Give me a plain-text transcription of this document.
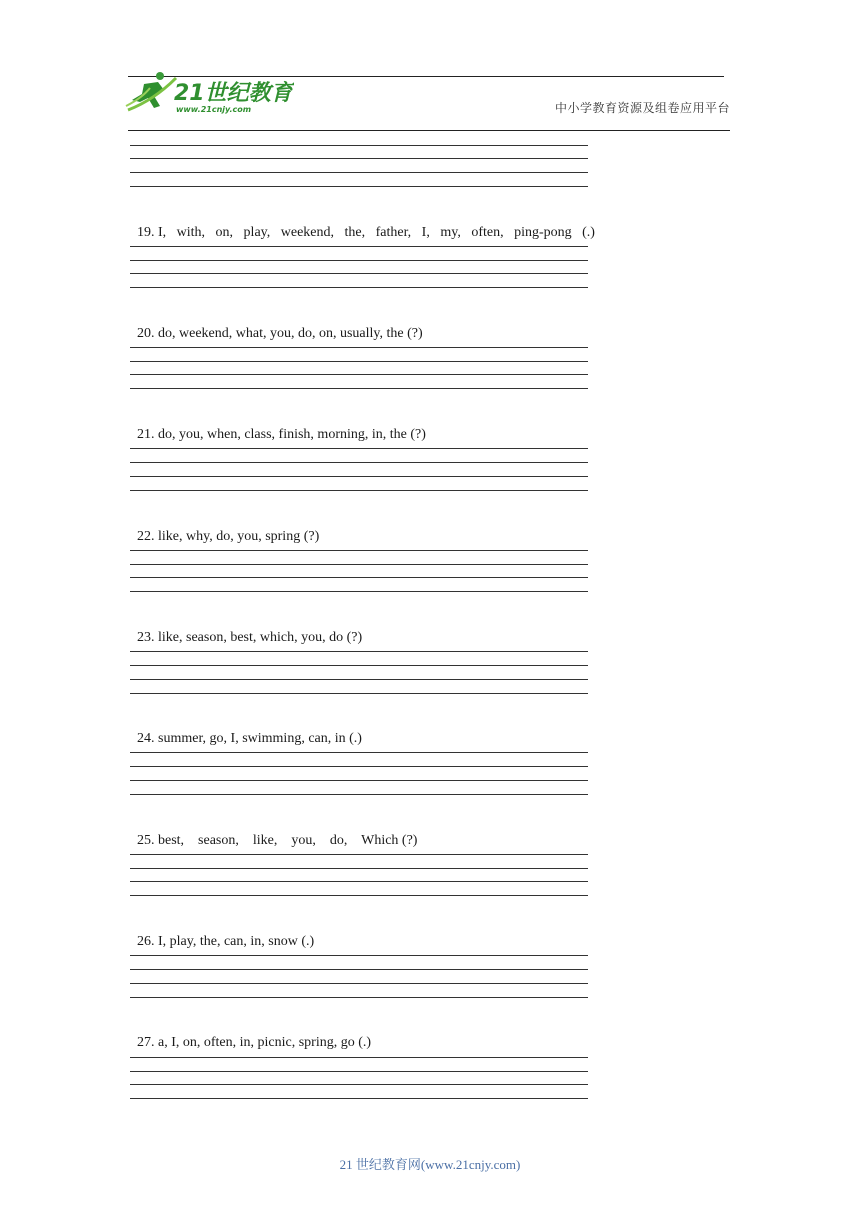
21世纪教育
www.21cnjy.com	中小学教育资源及组卷应用平台

19. I,   with,   on,   play,   weekend,   the,   father,   I,   my,   often,   ping-pong   (.)

20. do, weekend, what, you, do, on, usually, the (?)

21. do, you, when, class, finish, morning, in, the (?)

22. like, why, do, you, spring (?)

23. like, season, best, which, you, do (?)

24. summer, go, I, swimming, can, in (.)

25. best,    season,    like,    you,    do,    Which (?)

26. I, play, the, can, in, snow (.)

27. a, I, on, often, in, picnic, spring, go (.)

21 世纪教育网(www.21cnjy.com)
